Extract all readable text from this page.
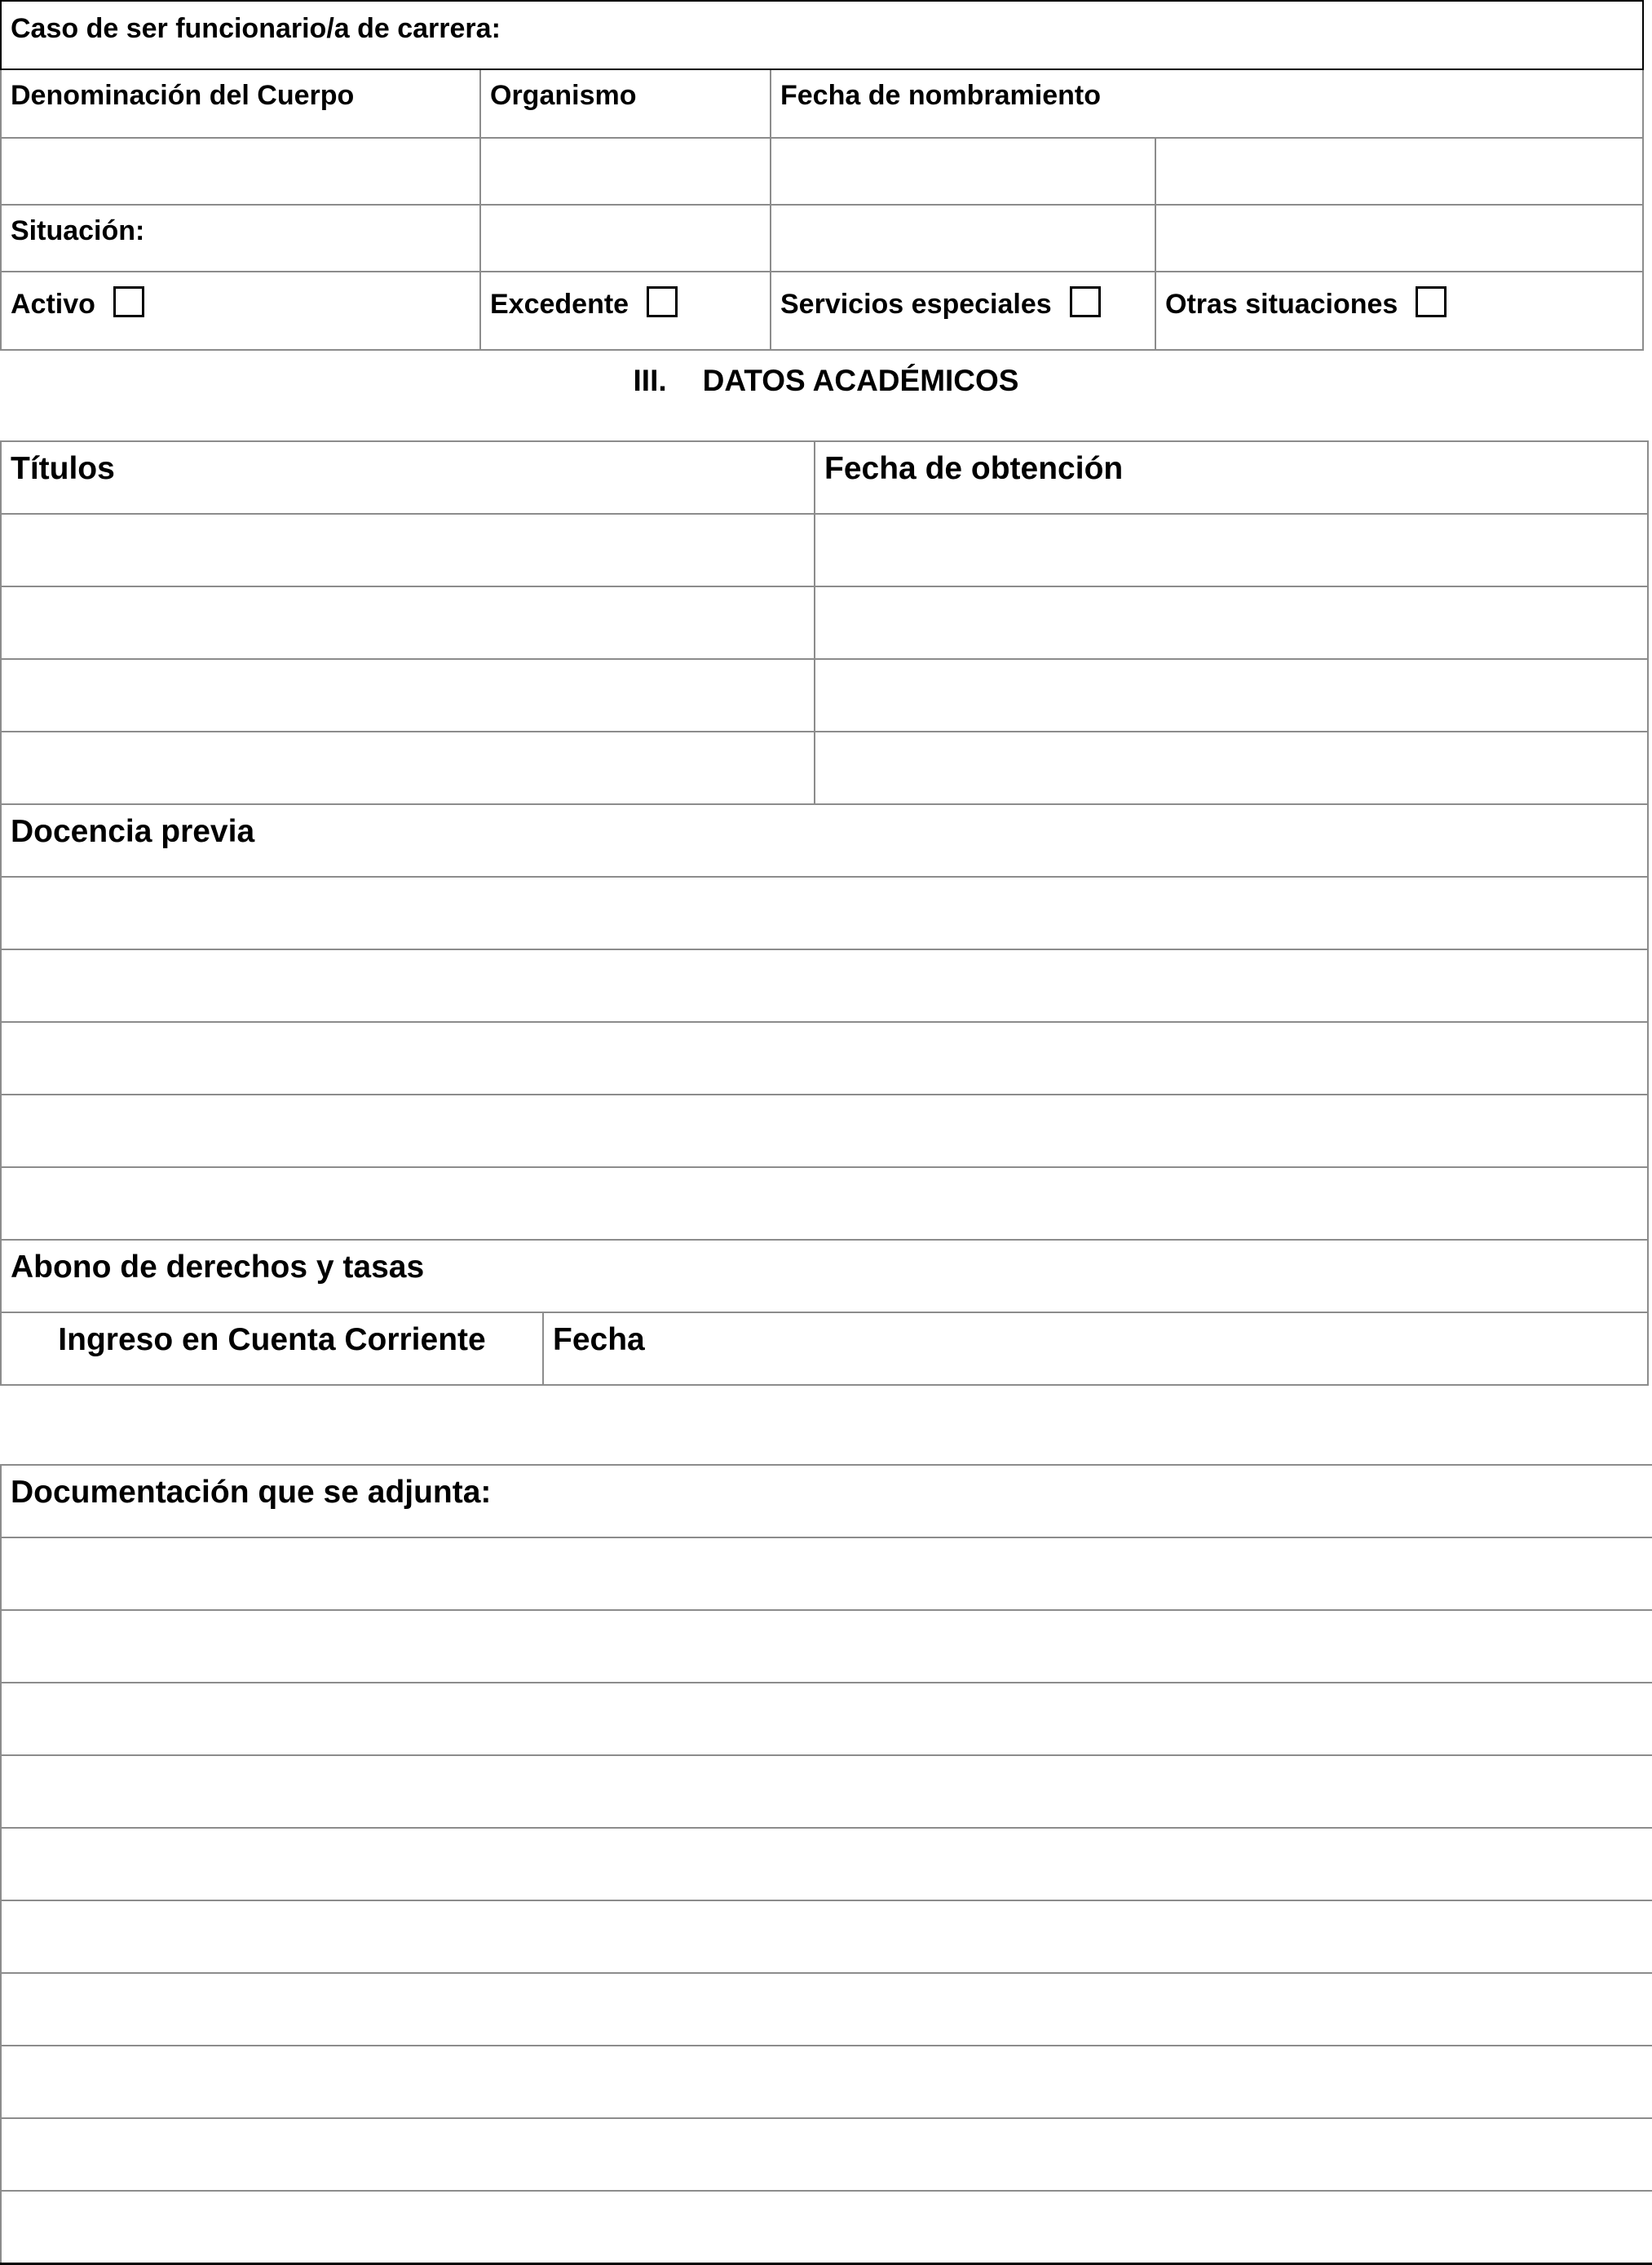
Caso de ser funcionario/a de carrera:			
Denominación del Cuerpo	Organismo	Fecha de nombramiento	

Situación:			

Activo	Excedente	Servicios especiales	Otras situaciones
III. DATOS ACADÉMICOS
Títulos		Fecha de obtención

Docencia previa		

Abono de derechos y tasas		
Ingreso en Cuenta Corriente	Fecha	
Documentación que se adjunta:
